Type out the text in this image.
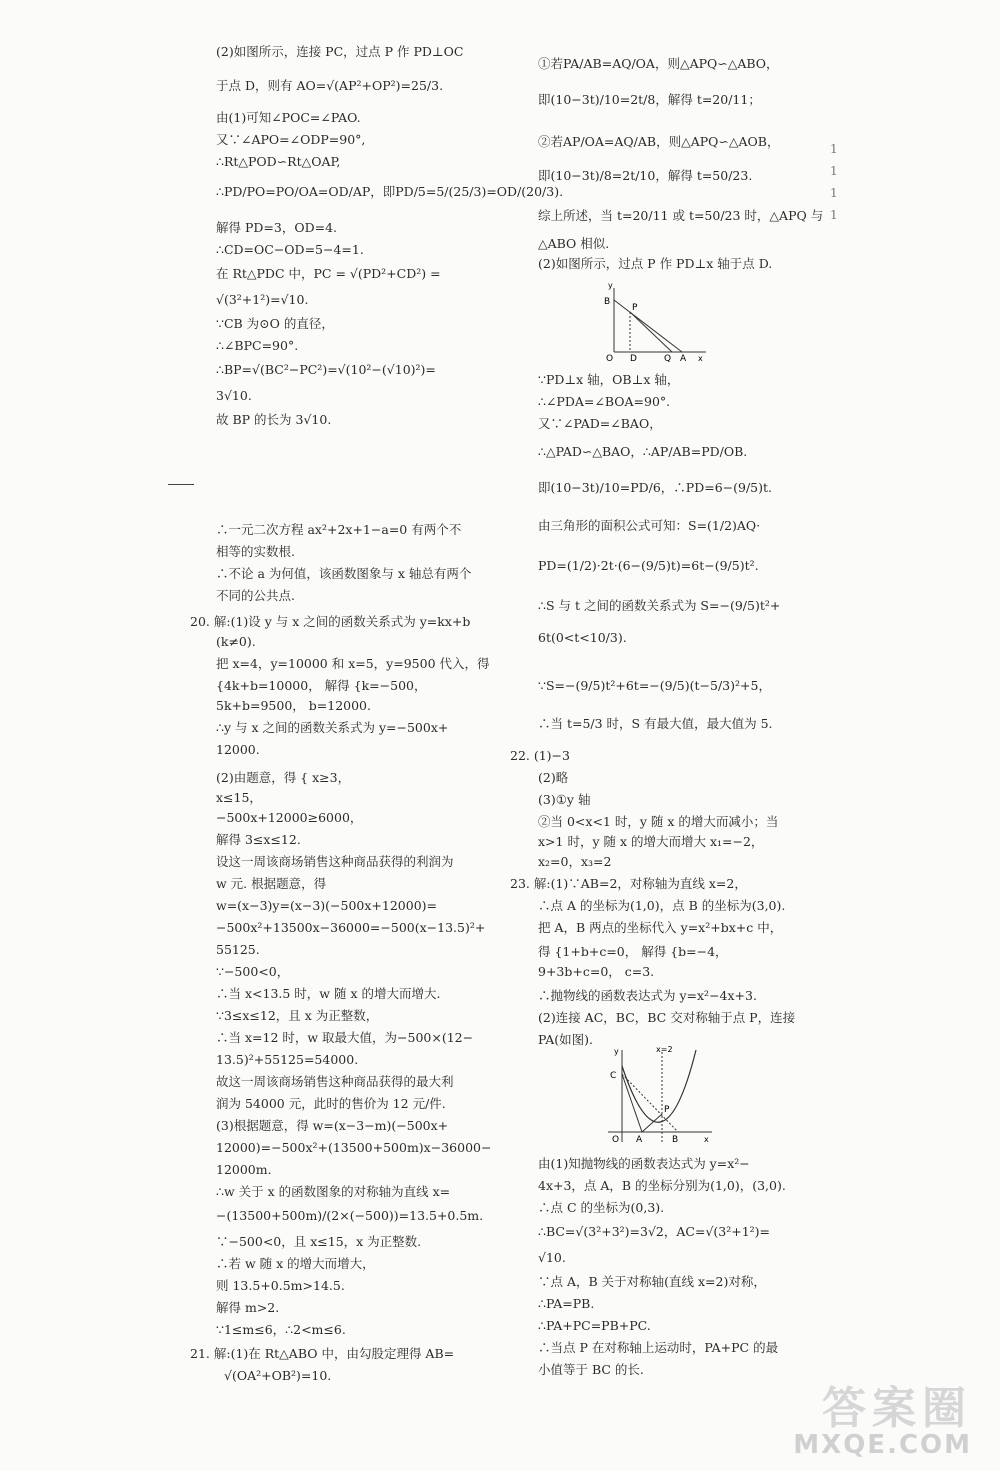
(2)如图所示，连接 PC，过点 P 作 PD⊥OC
于点 D，则有 AO=√(AP²+OP²)=25/3.
由(1)可知∠POC=∠PAO.
又∵∠APO=∠ODP=90°,
∴Rt△POD∽Rt△OAP,
∴PD/PO=PO/OA=OD/AP，即PD/5=5/(25/3)=OD/(20/3).
解得 PD=3，OD=4.
∴CD=OC−OD=5−4=1.
在 Rt△PDC 中，PC = √(PD²+CD²) =
√(3²+1²)=√10.
∵CB 为⊙O 的直径，
∴∠BPC=90°.
∴BP=√(BC²−PC²)=√(10²−(√10)²)=
3√10.
故 BP 的长为 3√10.
∴一元二次方程 ax²+2x+1−a=0 有两个不
相等的实数根.
∴不论 a 为何值，该函数图象与 x 轴总有两个
不同的公共点.
20. 解:(1)设 y 与 x 之间的函数关系式为 y=kx+b
(k≠0).
把 x=4，y=10000 和 x=5，y=9500 代入，得
{4k+b=10000， 解得 {k=−500，
5k+b=9500， b=12000.
∴y 与 x 之间的函数关系式为 y=−500x+
12000.
(2)由题意，得 { x≥3，
x≤15，
−500x+12000≥6000，
解得 3≤x≤12.
设这一周该商场销售这种商品获得的利润为
w 元. 根据题意，得
w=(x−3)y=(x−3)(−500x+12000)=
−500x²+13500x−36000=−500(x−13.5)²+
55125.
∵−500<0，
∴当 x<13.5 时，w 随 x 的增大而增大.
∵3≤x≤12，且 x 为正整数，
∴当 x=12 时，w 取最大值，为−500×(12−
13.5)²+55125=54000.
故这一周该商场销售这种商品获得的最大利
润为 54000 元，此时的售价为 12 元/件.
(3)根据题意，得 w=(x−3−m)(−500x+
12000)=−500x²+(13500+500m)x−36000−
12000m.
∴w 关于 x 的函数图象的对称轴为直线 x=
−(13500+500m)/(2×(−500))=13.5+0.5m.
∵−500<0，且 x≤15，x 为正整数.
∴若 w 随 x 的增大而增大，
则 13.5+0.5m>14.5.
解得 m>2.
∵1≤m≤6，∴2<m≤6.
21. 解:(1)在 Rt△ABO 中，由勾股定理得 AB=
√(OA²+OB²)=10.
①若PA/AB=AQ/OA，则△APQ∽△ABO，
即(10−3t)/10=2t/8，解得 t=20/11；
②若AP/OA=AQ/AB，则△APQ∽△AOB，
即(10−3t)/8=2t/10，解得 t=50/23.
综上所述，当 t=20/11 或 t=50/23 时，△APQ 与
△ABO 相似.
(2)如图所示，过点 P 作 PD⊥x 轴于点 D.
y
B
P
O D	Q A x
∵PD⊥x 轴，OB⊥x 轴，
∴∠PDA=∠BOA=90°.
又∵∠PAD=∠BAO，
∴△PAD∽△BAO，∴AP/AB=PD/OB.
即(10−3t)/10=PD/6，∴PD=6−(9/5)t.
由三角形的面积公式可知：S=(1/2)AQ·
PD=(1/2)·2t·(6−(9/5)t)=6t−(9/5)t².
∴S 与 t 之间的函数关系式为 S=−(9/5)t²+
6t(0<t<10/3).
∵S=−(9/5)t²+6t=−(9/5)(t−5/3)²+5，
∴当 t=5/3 时，S 有最大值，最大值为 5.
22. (1)−3
(2)略
(3)①y 轴
②当 0<x<1 时，y 随 x 的增大而减小；当
x>1 时，y 随 x 的增大而增大 x₁=−2，
x₂=0，x₃=2
23. 解:(1)∵AB=2，对称轴为直线 x=2，
∴点 A 的坐标为(1,0)，点 B 的坐标为(3,0).
把 A，B 两点的坐标代入 y=x²+bx+c 中，
得 {1+b+c=0， 解得 {b=−4，
9+3b+c=0， c=3.
∴抛物线的函数表达式为 y=x²−4x+3.
(2)连接 AC，BC，BC 交对称轴于点 P，连接
PA(如图).
y	x=2
C
P
O A	B	x
由(1)知抛物线的函数表达式为 y=x²−
4x+3，点 A，B 的坐标分别为(1,0)，(3,0).
∴点 C 的坐标为(0,3).
∴BC=√(3²+3²)=3√2，AC=√(3²+1²)=
√10.
∵点 A，B 关于对称轴(直线 x=2)对称，
∴PA=PB.
∴PA+PC=PB+PC.
∴当点 P 在对称轴上运动时，PA+PC 的最
小值等于 BC 的长.
1
1
1
1
答案圈
MXQE.COM
